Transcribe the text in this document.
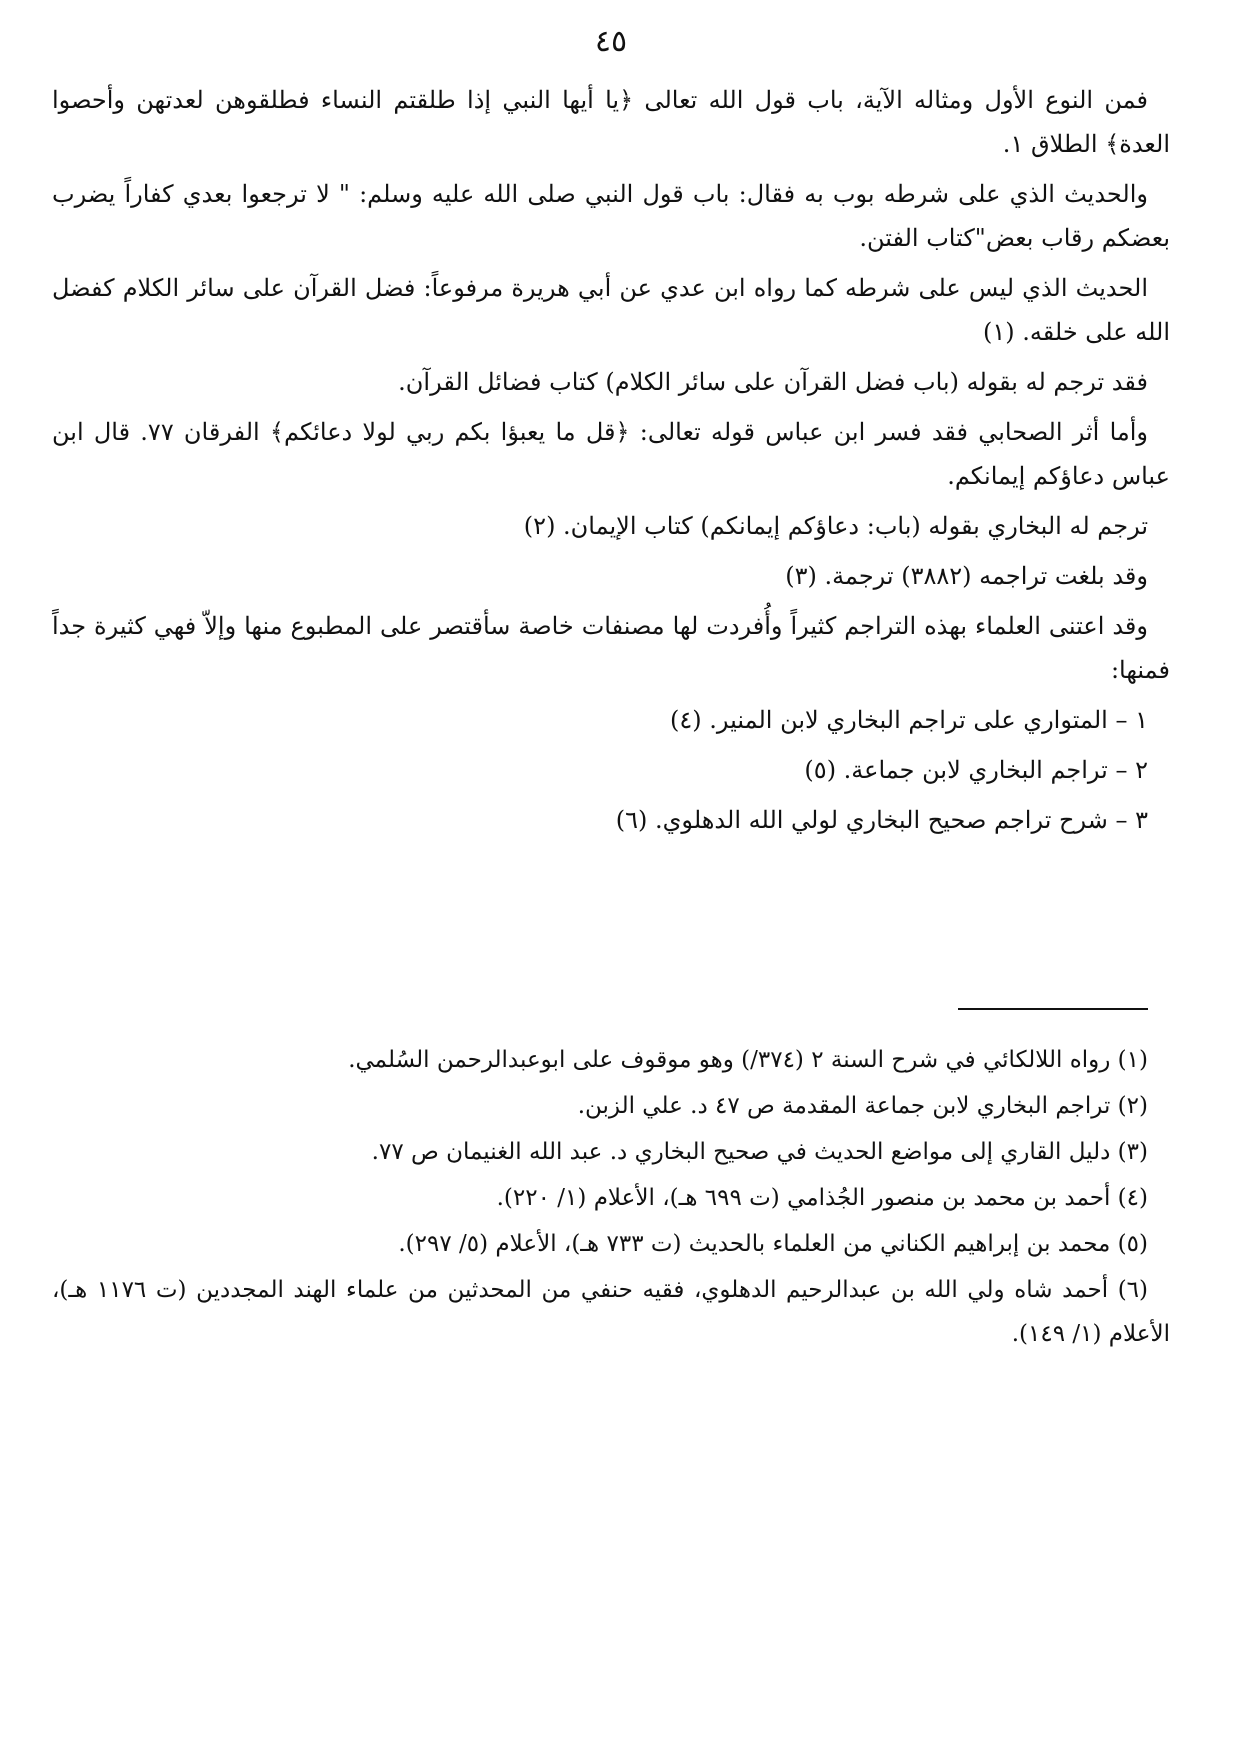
٤٥

فمن النوع الأول ومثاله الآية، باب قول الله تعالى ﴿يا أيها النبي إذا طلقتم النساء فطلقوهن لعدتهن وأحصوا العدة﴾ الطلاق ١.

والحديث الذي على شرطه بوب به فقال: باب قول النبي صلى الله عليه وسلم: " لا ترجعوا بعدي كفاراً يضرب بعضكم رقاب بعض"كتاب الفتن.

الحديث الذي ليس على شرطه كما رواه ابن عدي عن أبي هريرة مرفوعاً: فضل القرآن على سائر الكلام كفضل الله على خلقه. (١)

فقد ترجم له بقوله (باب فضل القرآن على سائر الكلام) كتاب فضائل القرآن.

وأما أثر الصحابي فقد فسر ابن عباس قوله تعالى: ﴿قل ما يعبؤا بكم ربي لولا دعائكم﴾ الفرقان ٧٧. قال ابن عباس دعاؤكم إيمانكم.

ترجم له البخاري بقوله (باب: دعاؤكم إيمانكم) كتاب الإيمان. (٢)

وقد بلغت تراجمه (٣٨٨٢) ترجمة. (٣)

وقد اعتنى العلماء بهذه التراجم كثيراً وأُفردت لها مصنفات خاصة سأقتصر على المطبوع منها وإلاّ فهي كثيرة جداً فمنها:

١ – المتواري على تراجم البخاري لابن المنير. (٤)

٢ – تراجم البخاري لابن جماعة. (٥)

٣ – شرح تراجم صحيح البخاري لولي الله الدهلوي. (٦)

(١) رواه اللالكائي في شرح السنة ٢ (٣٧٤/) وهو موقوف على ابوعبدالرحمن السُلمي.

(٢) تراجم البخاري لابن جماعة المقدمة ص ٤٧ د. علي الزبن.

(٣) دليل القاري إلى مواضع الحديث في صحيح البخاري د. عبد الله الغنيمان ص ٧٧.

(٤) أحمد بن محمد بن منصور الجُذامي (ت ٦٩٩ هـ)، الأعلام (١/ ٢٢٠).

(٥) محمد بن إبراهيم الكناني من العلماء بالحديث (ت ٧٣٣ هـ)، الأعلام (٥/ ٢٩٧).

(٦) أحمد شاه ولي الله بن عبدالرحيم الدهلوي، فقيه حنفي من المحدثين من علماء الهند المجددين (ت ١١٧٦ هـ)، الأعلام (١/ ١٤٩).
